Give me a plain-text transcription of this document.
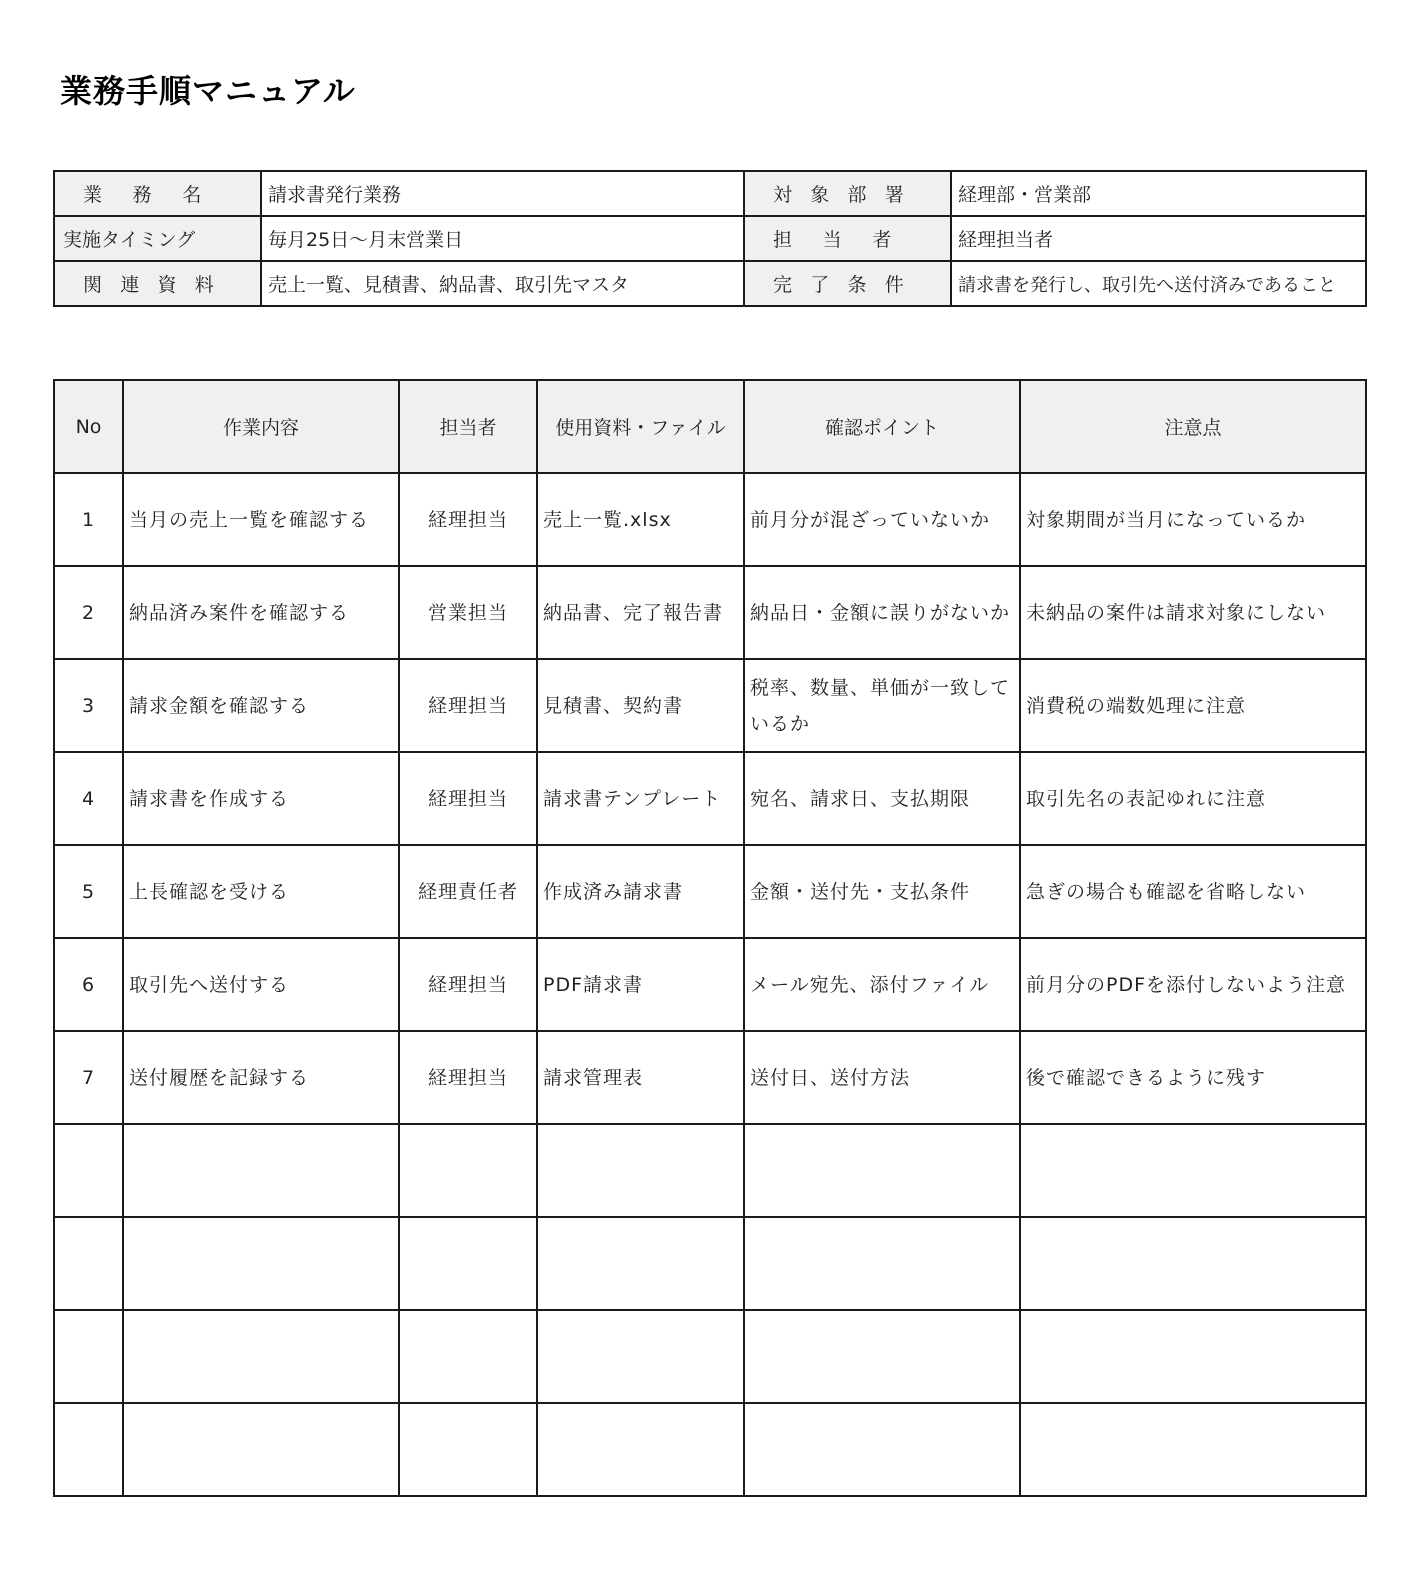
業務手順マニュアル
業 務 名	請求書発行業務	対 象 部 署	経理部・営業部

実施タイミング	毎月25日〜月末営業日	担 当 者	経理担当者

関 連 資 料	売上一覧、見積書、納品書、取引先マスタ	完 了 条 件	請求書を発行し、取引先へ送付済みであること
No	作業内容	担当者	使用資料・ファイル	確認ポイント	注意点
1	当月の売上一覧を確認する	経理担当	売上一覧.xlsx	前月分が混ざっていないか	対象期間が当月になっているか
2	納品済み案件を確認する	営業担当	納品書、完了報告書	納品日・金額に誤りがないか	未納品の案件は請求対象にしない
3	請求金額を確認する	経理担当	見積書、契約書	税率、数量、単価が一致しているか	消費税の端数処理に注意
4	請求書を作成する	経理担当	請求書テンプレート	宛名、請求日、支払期限	取引先名の表記ゆれに注意
5	上長確認を受ける	経理責任者	作成済み請求書	金額・送付先・支払条件	急ぎの場合も確認を省略しない
6	取引先へ送付する	経理担当	PDF請求書	メール宛先、添付ファイル	前月分のPDFを添付しないよう注意
7	送付履歴を記録する	経理担当	請求管理表	送付日、送付方法	後で確認できるように残す
